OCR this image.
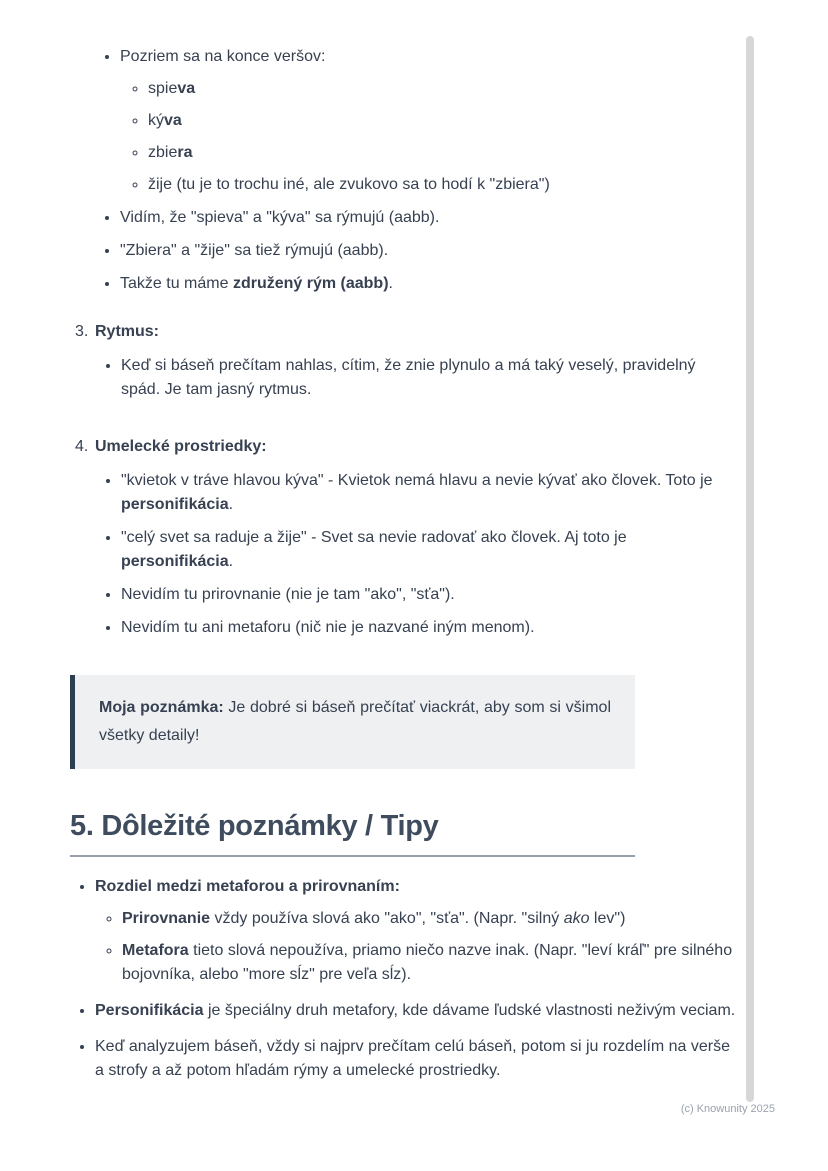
• Pozriem sa na konce veršov:
◦ spieva
◦ kýva
◦ zbiera
◦ žije (tu je to trochu iné, ale zvukovo sa to hodí k "zbiera")
• Vidím, že "spieva" a "kýva" sa rýmujú (aabb).
• "Zbiera" a "žije" sa tiež rýmujú (aabb).
• Takže tu máme združený rým (aabb).
3. Rytmus:
• Keď si báseň prečítam nahlas, cítim, že znie plynulo a má taký veselý, pravidelný spád. Je tam jasný rytmus.
4. Umelecké prostriedky:
• "kvietok v tráve hlavou kýva" - Kvietok nemá hlavu a nevie kývať ako človek. Toto je personifikácia.
• "celý svet sa raduje a žije" - Svet sa nevie radovať ako človek. Aj toto je personifikácia.
• Nevidím tu prirovnanie (nie je tam "ako", "sťa").
• Nevidím tu ani metaforu (nič nie je nazvané iným menom).

Moja poznámka: Je dobré si báseň prečítať viackrát, aby som si všimol všetky detaily!

5. Dôležité poznámky / Tipy
• Rozdiel medzi metaforou a prirovnaním:
◦ Prirovnanie vždy používa slová ako "ako", "sťa". (Napr. "silný ako lev")
◦ Metafora tieto slová nepoužíva, priamo niečo nazve inak. (Napr. "leví kráľ" pre silného bojovníka, alebo "more sĺz" pre veľa sĺz).
• Personifikácia je špeciálny druh metafory, kde dávame ľudské vlastnosti neživým veciam.
• Keď analyzujem báseň, vždy si najprv prečítam celú báseň, potom si ju rozdelím na verše a strofy a až potom hľadám rýmy a umelecké prostriedky.
(c) Knowunity 2025
